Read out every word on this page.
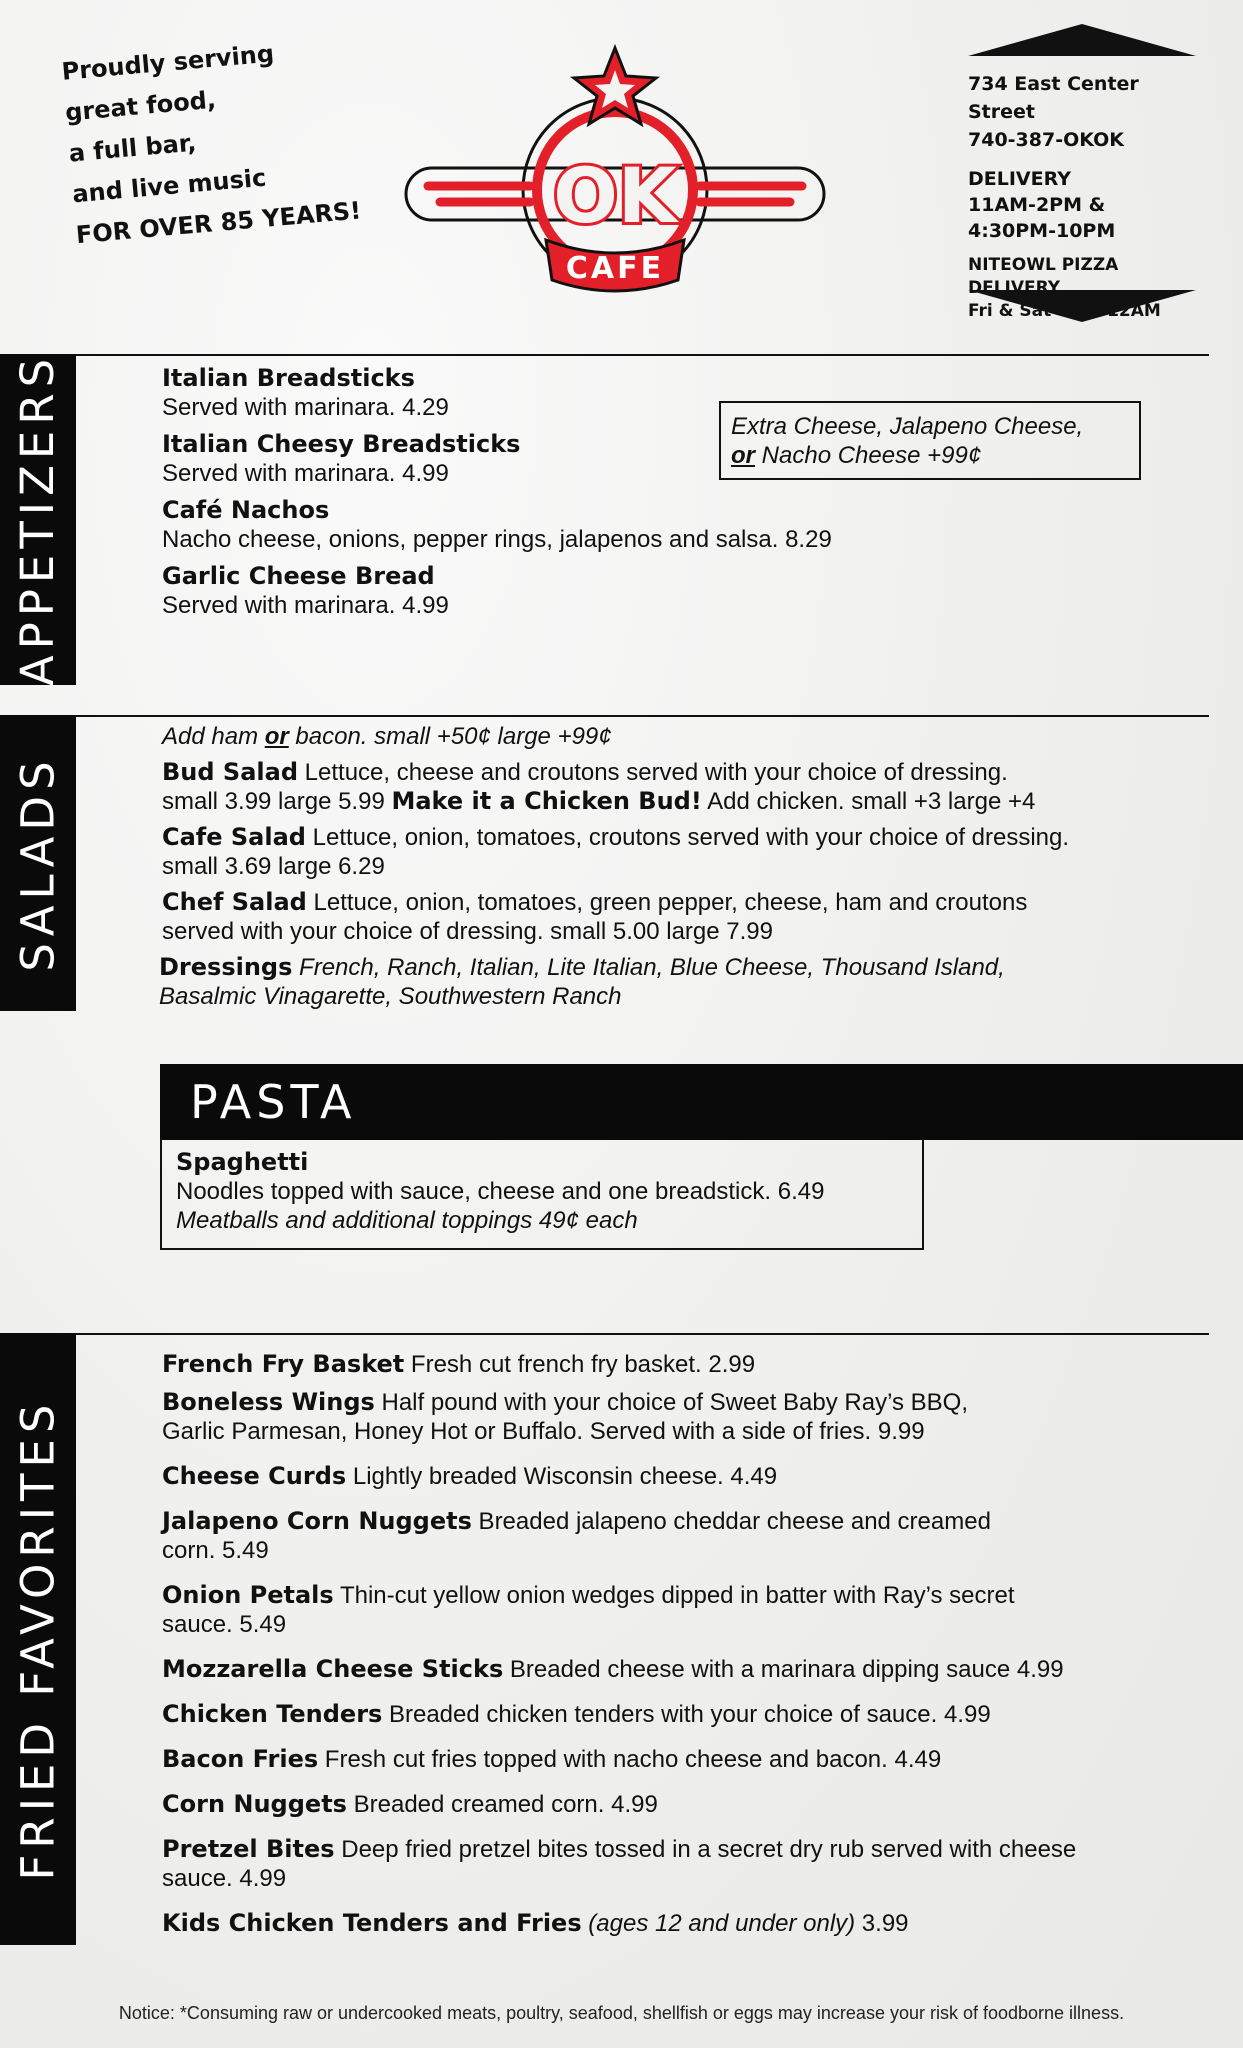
Proudly serving
great food,
a full bar,
and live music
FOR OVER 85 YEARS!	OK
CAFE
734 East Center Street
740-387-OKOK
DELIVERY
11AM-2PM &
4:30PM-10PM
NITEOWL PIZZA DELIVERY
Fri & Sat until 12AM
APPETIZERS	Italian Breadsticks
Served with marinara. 4.29
Italian Cheesy Breadsticks
Served with marinara. 4.99
Café Nachos
Nacho cheese, onions, pepper rings, jalapenos and salsa. 8.29
Garlic Cheese Bread
Served with marinara. 4.99
Extra Cheese, Jalapeno Cheese,
or Nacho Cheese +99¢
SALADS
Add ham or bacon. small +50¢ large +99¢
Bud Salad Lettuce, cheese and croutons served with your choice of dressing.
small 3.99 large 5.99 Make it a Chicken Bud! Add chicken. small +3 large +4
Cafe Salad Lettuce, onion, tomatoes, croutons served with your choice of dressing.
small 3.69 large 6.29
Chef Salad Lettuce, onion, tomatoes, green pepper, cheese, ham and croutons
served with your choice of dressing. small 5.00 large 7.99
Dressings French, Ranch, Italian, Lite Italian, Blue Cheese, Thousand Island,
Basalmic Vinagarette, Southwestern Ranch
PASTA
Spaghetti
Noodles topped with sauce, cheese and one breadstick. 6.49
Meatballs and additional toppings 49¢ each
FRIED FAVORITES
French Fry Basket Fresh cut french fry basket. 2.99
Boneless Wings Half pound with your choice of Sweet Baby Ray’s BBQ,
Garlic Parmesan, Honey Hot or Buffalo. Served with a side of fries. 9.99
Cheese Curds Lightly breaded Wisconsin cheese. 4.49
Jalapeno Corn Nuggets Breaded jalapeno cheddar cheese and creamed
corn. 5.49
Onion Petals Thin-cut yellow onion wedges dipped in batter with Ray’s secret
sauce. 5.49
Mozzarella Cheese Sticks Breaded cheese with a marinara dipping sauce 4.99
Chicken Tenders Breaded chicken tenders with your choice of sauce. 4.99
Bacon Fries Fresh cut fries topped with nacho cheese and bacon. 4.49
Corn Nuggets Breaded creamed corn. 4.99
Pretzel Bites Deep fried pretzel bites tossed in a secret dry rub served with cheese
sauce. 4.99
Kids Chicken Tenders and Fries (ages 12 and under only) 3.99
Notice: *Consuming raw or undercooked meats, poultry, seafood, shellfish or eggs may increase your risk of foodborne illness.
